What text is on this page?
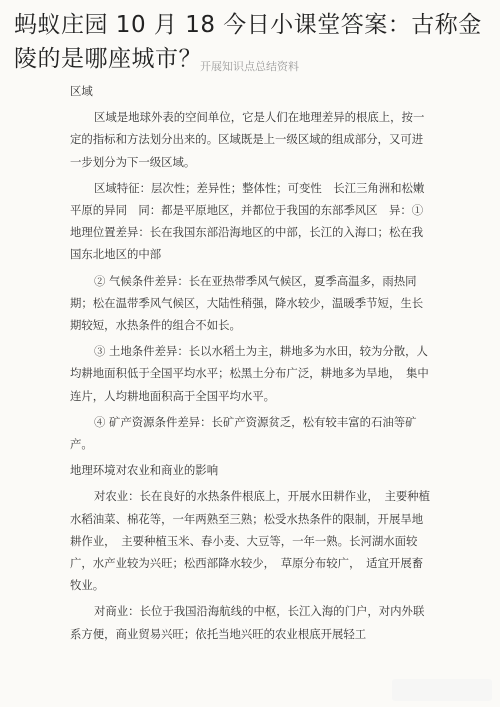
蚂蚁庄园 10 月 18 今日小课堂答案：古称金陵的是哪座城市？
开展知识点总结资料

区域

区域是地球外表的空间单位，它是人们在地理差异的根底上，按一定的指标和方法划分出来的。区域既是上一级区域的组成部分，又可进一步划分为下一级区域。

区域特征：层次性；差异性；整体性；可变性　长江三角洲和松嫩平原的异同　同：都是平原地区，并都位于我国的东部季风区　异：①地理位置差异：长在我国东部沿海地区的中部，长江的入海口；松在我国东北地区的中部

② 气候条件差异：长在亚热带季风气候区，夏季高温多，雨热同期；松在温带季风气候区，大陆性稍强，降水较少，温暖季节短，生长期较短，水热条件的组合不如长。

③ 土地条件差异：长以水稻土为主，耕地多为水田，较为分散，人均耕地面积低于全国平均水平；松黑土分布广泛，耕地多为旱地，　集中连片，人均耕地面积高于全国平均水平。

④ 矿产资源条件差异：长矿产资源贫乏，松有较丰富的石油等矿产。

地理环境对农业和商业的影响

对农业：长在良好的水热条件根底上，开展水田耕作业，　主要种植水稻油菜、棉花等，一年两熟至三熟；松受水热条件的限制，开展旱地耕作业，　主要种植玉米、春小麦、大豆等，一年一熟。长河湖水面较广，水产业较为兴旺；松西部降水较少，　草原分布较广，　适宜开展畜牧业。

对商业：长位于我国沿海航线的中枢，长江入海的门户，对内外联系方便，商业贸易兴旺；依托当地兴旺的农业根底开展轻工
